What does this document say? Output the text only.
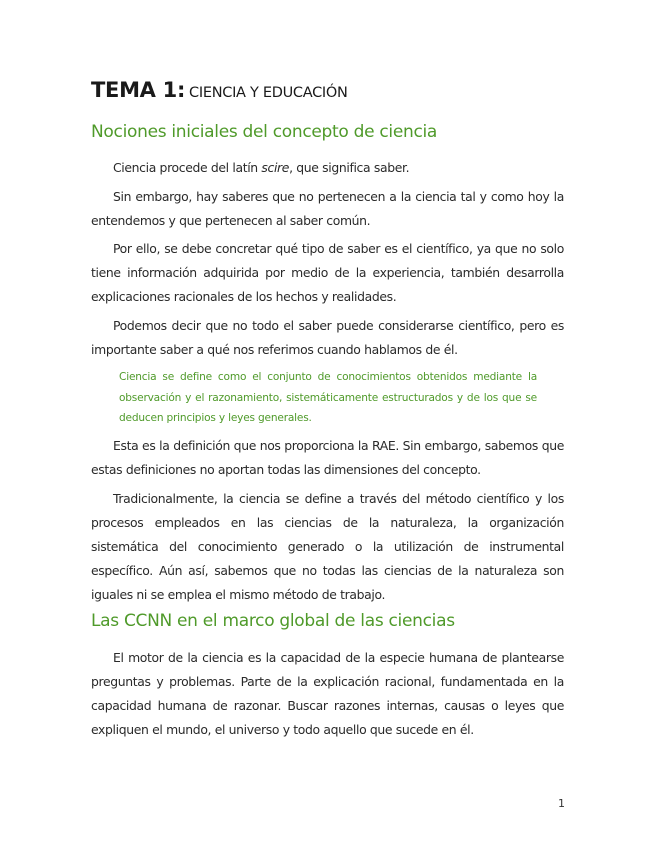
TEMA 1: CIENCIA Y EDUCACIÓN
Nociones iniciales del concepto de ciencia

Ciencia procede del latín scire, que significa saber.

Sin embargo, hay saberes que no pertenecen a la ciencia tal y como hoy la entendemos y que pertenecen al saber común.

Por ello, se debe concretar qué tipo de saber es el científico, ya que no solo tiene información adquirida por medio de la experiencia, también desarrolla explicaciones racionales de los hechos y realidades.

Podemos decir que no todo el saber puede considerarse científico, pero es importante saber a qué nos referimos cuando hablamos de él.

Ciencia se define como el conjunto de conocimientos obtenidos mediante la observación y el razonamiento, sistemáticamente estructurados y de los que se deducen principios y leyes generales.

Esta es la definición que nos proporciona la RAE. Sin embargo, sabemos que estas definiciones no aportan todas las dimensiones del concepto.

Tradicionalmente, la ciencia se define a través del método científico y los procesos empleados en las ciencias de la naturaleza, la organización sistemática del conocimiento generado o la utilización de instrumental específico. Aún así, sabemos que no todas las ciencias de la naturaleza son iguales ni se emplea el mismo método de trabajo.

Las CCNN en el marco global de las ciencias

El motor de la ciencia es la capacidad de la especie humana de plantearse preguntas y problemas. Parte de la explicación racional, fundamentada en la capacidad humana de razonar. Buscar razones internas, causas o leyes que expliquen el mundo, el universo y todo aquello que sucede en él.

1
